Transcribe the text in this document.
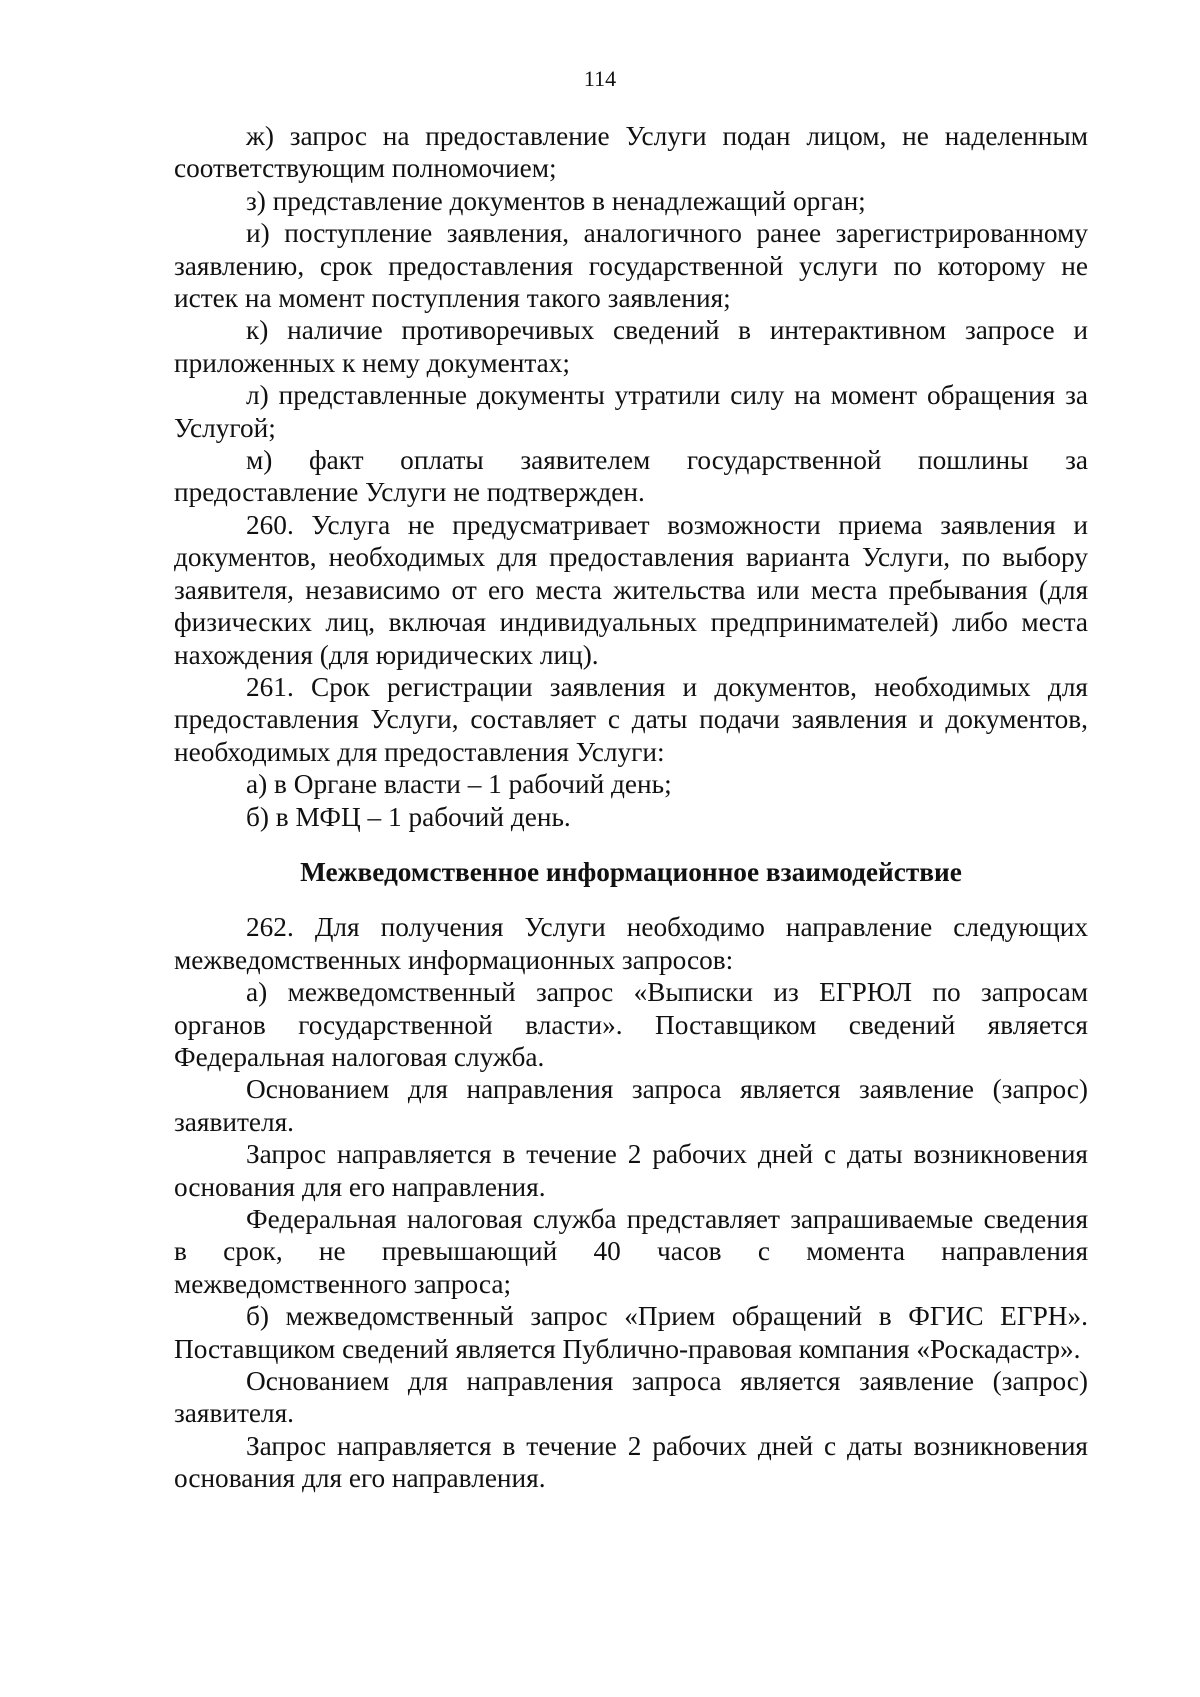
114

ж) запрос на предоставление Услуги подан лицом, не наделенным соответствующим полномочием;

з) представление документов в ненадлежащий орган;

и) поступление заявления, аналогичного ранее зарегистрированному заявлению, срок предоставления государственной услуги по которому не истек на момент поступления такого заявления;

к) наличие противоречивых сведений в интерактивном запросе и приложенных к нему документах;

л) представленные документы утратили силу на момент обращения за Услугой;

м) факт оплаты заявителем государственной пошлины за предоставление Услуги не подтвержден.

260. Услуга не предусматривает возможности приема заявления и документов, необходимых для предоставления варианта Услуги, по выбору заявителя, независимо от его места жительства или места пребывания (для физических лиц, включая индивидуальных предпринимателей) либо места нахождения (для юридических лиц).

261. Срок регистрации заявления и документов, необходимых для предоставления Услуги, составляет с даты подачи заявления и документов, необходимых для предоставления Услуги:

а) в Органе власти – 1 рабочий день;

б) в МФЦ – 1 рабочий день.

Межведомственное информационное взаимодействие

262. Для получения Услуги необходимо направление следующих межведомственных информационных запросов:

а) межведомственный запрос «Выписки из ЕГРЮЛ по запросам органов государственной власти». Поставщиком сведений является Федеральная налоговая служба.

Основанием для направления запроса является заявление (запрос) заявителя.

Запрос направляется в течение 2 рабочих дней с даты возникновения основания для его направления.

Федеральная налоговая служба представляет запрашиваемые сведения в срок, не превышающий 40 часов с момента направления межведомственного запроса;

б) межведомственный запрос «Прием обращений в ФГИС ЕГРН». Поставщиком сведений является Публично-правовая компания «Роскадастр».

Основанием для направления запроса является заявление (запрос) заявителя.

Запрос направляется в течение 2 рабочих дней с даты возникновения основания для его направления.
